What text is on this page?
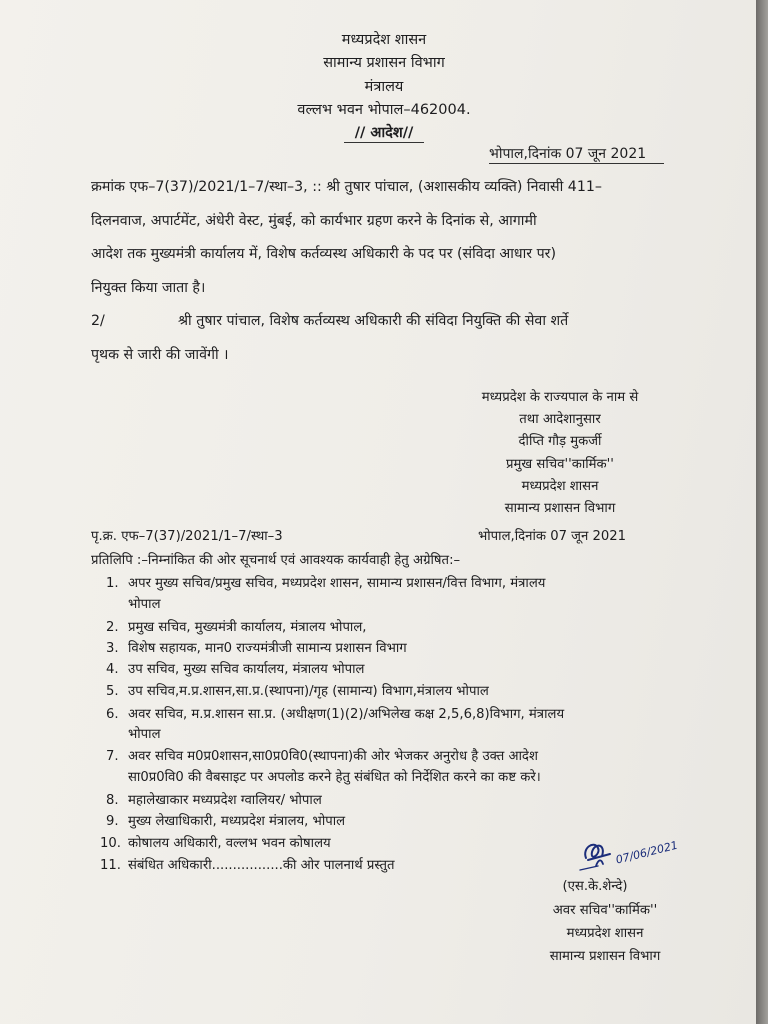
मध्यप्रदेश शासन
सामान्य प्रशासन विभाग
मंत्रालय
वल्लभ भवन भोपाल–462004.
// आदेश//
भोपाल,दिनांक 07 जून 2021
क्रमांक एफ–7(37)/2021/1–7/स्था–3, :: श्री तुषार पांचाल, (अशासकीय व्यक्ति) निवासी 411–
दिलनवाज, अपार्टमेंट, अंधेरी वेस्ट, मुंबई, को कार्यभार ग्रहण करने के दिनांक से, आगामी
आदेश तक मुख्यमंत्री कार्यालय में, विशेष कर्तव्यस्थ अधिकारी के पद पर (संविदा आधार पर)
नियुक्त किया जाता है।
2/	श्री तुषार पांचाल, विशेष कर्तव्यस्थ अधिकारी की संविदा नियुक्ति की सेवा शर्ते
पृथक से जारी की जावेंगी ।
मध्यप्रदेश के राज्यपाल के नाम से
तथा आदेशानुसार
दीप्ति गौड़ मुकर्जी
प्रमुख सचिव''कार्मिक''
मध्यप्रदेश शासन
सामान्य प्रशासन विभाग
पृ.क्र. एफ–7(37)/2021/1–7/स्था–3	भोपाल,दिनांक 07 जून 2021
प्रतिलिपि :–निम्नांकित की ओर सूचनार्थ एवं आवश्यक कार्यवाही हेतु अग्रेषित:–
1. अपर मुख्य सचिव/प्रमुख सचिव, मध्यप्रदेश शासन, सामान्य प्रशासन/वित्त विभाग, मंत्रालय
भोपाल
2. प्रमुख सचिव, मुख्यमंत्री कार्यालय, मंत्रालय भोपाल,
3. विशेष सहायक, मान0 राज्यमंत्रीजी सामान्य प्रशासन विभाग
4. उप सचिव, मुख्य सचिव कार्यालय, मंत्रालय भोपाल
5. उप सचिव,म.प्र.शासन,सा.प्र.(स्थापना)/गृह (सामान्य) विभाग,मंत्रालय भोपाल
6. अवर सचिव, म.प्र.शासन सा.प्र. (अधीक्षण(1)(2)/अभिलेख कक्ष 2,5,6,8)विभाग, मंत्रालय
भोपाल
7. अवर सचिव म0प्र0शासन,सा0प्र0वि0(स्थापना)की ओर भेजकर अनुरोध है उक्त आदेश
सा0प्र0वि0 की वैबसाइट पर अपलोड करने हेतु संबंधित को निर्देशित करने का कष्ट करे।
8. महालेखाकार मध्यप्रदेश ग्वालियर/ भोपाल
9. मुख्य लेखाधिकारी, मध्यप्रदेश मंत्रालय, भोपाल
10. कोषालय अधिकारी, वल्लभ भवन कोषालय
11. संबंधित अधिकारी.................की ओर पालनार्थ प्रस्तुत	07/06/2021
(एस.के.शेन्दे)
अवर सचिव''कार्मिक''
मध्यप्रदेश शासन
सामान्य प्रशासन विभाग
